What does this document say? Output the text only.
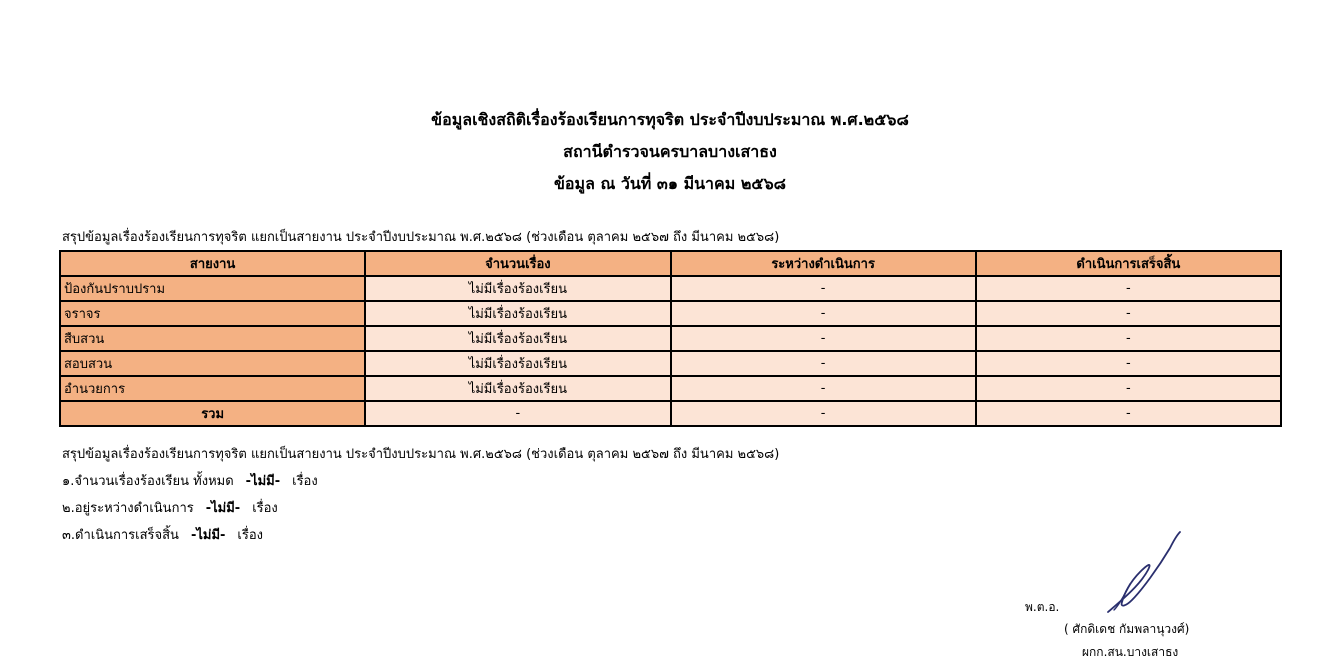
ข้อมูลเชิงสถิติเรื่องร้องเรียนการทุจริต ประจำปีงบประมาณ พ.ศ.๒๕๖๘
สถานีตำรวจนครบาลบางเสาธง
ข้อมูล ณ วันที่ ๓๑ มีนาคม ๒๕๖๘
สรุปข้อมูลเรื่องร้องเรียนการทุจริต แยกเป็นสายงาน ประจำปีงบประมาณ พ.ศ.๒๕๖๘ (ช่วงเดือน ตุลาคม ๒๕๖๗ ถึง มีนาคม ๒๕๖๘)
สายงาน	จำนวนเรื่อง	ระหว่างดำเนินการ	ดำเนินการเสร็จสิ้น
ป้องกันปราบปราม	ไม่มีเรื่องร้องเรียน	-	-
จราจร	ไม่มีเรื่องร้องเรียน	-	-
สืบสวน	ไม่มีเรื่องร้องเรียน	-	-
สอบสวน	ไม่มีเรื่องร้องเรียน	-	-
อำนวยการ	ไม่มีเรื่องร้องเรียน	-	-
รวม	-	-	-
สรุปข้อมูลเรื่องร้องเรียนการทุจริต แยกเป็นสายงาน ประจำปีงบประมาณ พ.ศ.๒๕๖๘ (ช่วงเดือน ตุลาคม ๒๕๖๗ ถึง มีนาคม ๒๕๖๘)
๑.จำนวนเรื่องร้องเรียน ทั้งหมด -ไม่มี- เรื่อง
๒.อยู่ระหว่างดำเนินการ -ไม่มี- เรื่อง
๓.ดำเนินการเสร็จสิ้น -ไม่มี- เรื่อง
พ.ต.อ.
( ศักดิเดช กัมพลานุวงศ์)
ผกก.สน.บางเสาธง
